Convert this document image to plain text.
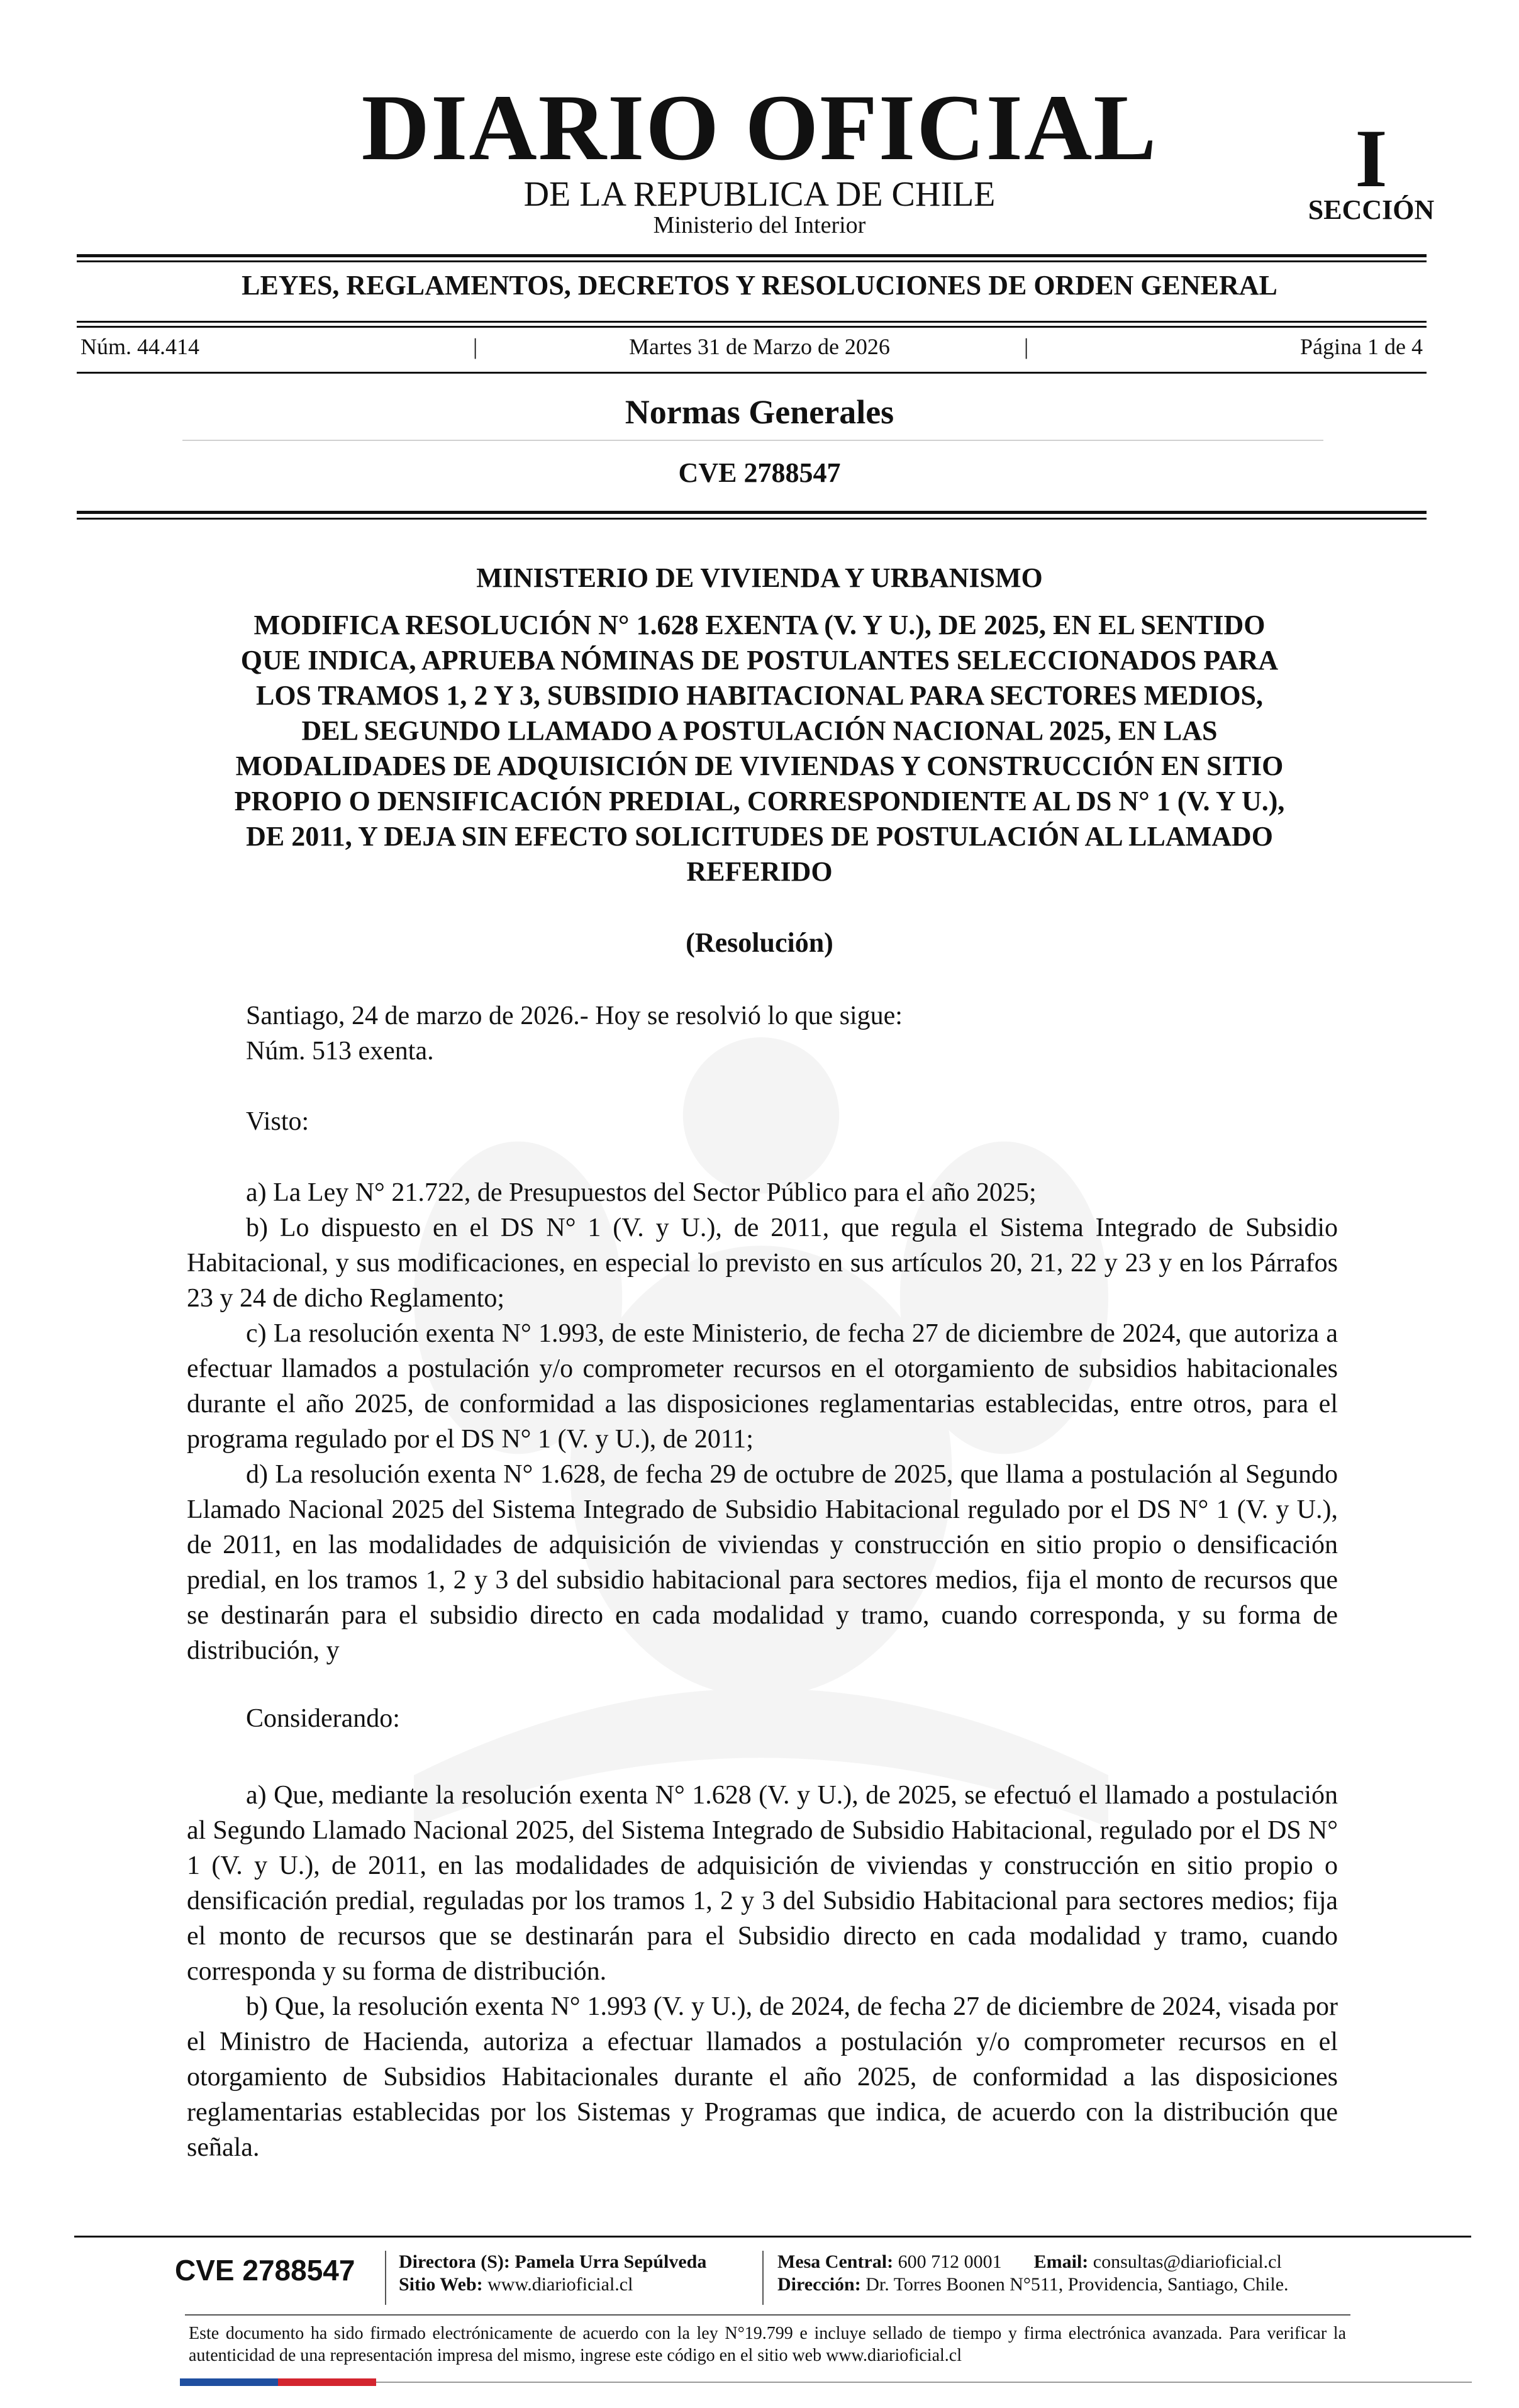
DIARIO OFICIAL
DE LA REPUBLICA DE CHILE
Ministerio del Interior
I
SECCIÓN
LEYES, REGLAMENTOS, DECRETOS Y RESOLUCIONES DE ORDEN GENERAL
Núm. 44.414	|	Martes 31 de Marzo de 2026	|	Página 1 de 4
Normas Generales
CVE 2788547
MINISTERIO DE VIVIENDA Y URBANISMO
MODIFICA RESOLUCIÓN N° 1.628 EXENTA (V. Y U.), DE 2025, EN EL SENTIDO
QUE INDICA, APRUEBA NÓMINAS DE POSTULANTES SELECCIONADOS PARA
LOS TRAMOS 1, 2 Y 3, SUBSIDIO HABITACIONAL PARA SECTORES MEDIOS,
DEL SEGUNDO LLAMADO A POSTULACIÓN NACIONAL 2025, EN LAS
MODALIDADES DE ADQUISICIÓN DE VIVIENDAS Y CONSTRUCCIÓN EN SITIO
PROPIO O DENSIFICACIÓN PREDIAL, CORRESPONDIENTE AL DS N° 1 (V. Y U.),
DE 2011, Y DEJA SIN EFECTO SOLICITUDES DE POSTULACIÓN AL LLAMADO
REFERIDO
(Resolución)

Santiago, 24 de marzo de 2026.- Hoy se resolvió lo que sigue:

Núm. 513 exenta.

Visto:

a) La Ley N° 21.722, de Presupuestos del Sector Público para el año 2025;

b) Lo dispuesto en el DS N° 1 (V. y U.), de 2011, que regula el Sistema Integrado de Subsidio Habitacional, y sus modificaciones, en especial lo previsto en sus artículos 20, 21, 22 y 23 y en los Párrafos 23 y 24 de dicho Reglamento;

c) La resolución exenta N° 1.993, de este Ministerio, de fecha 27 de diciembre de 2024, que autoriza a efectuar llamados a postulación y/o comprometer recursos en el otorgamiento de subsidios habitacionales durante el año 2025, de conformidad a las disposiciones reglamentarias establecidas, entre otros, para el programa regulado por el DS N° 1 (V. y U.), de 2011;

d) La resolución exenta N° 1.628, de fecha 29 de octubre de 2025, que llama a postulación al Segundo Llamado Nacional 2025 del Sistema Integrado de Subsidio Habitacional regulado por el DS N° 1 (V. y U.), de 2011, en las modalidades de adquisición de viviendas y construcción en sitio propio o densificación predial, en los tramos 1, 2 y 3 del subsidio habitacional para sectores medios, fija el monto de recursos que se destinarán para el subsidio directo en cada modalidad y tramo, cuando corresponda, y su forma de distribución, y

Considerando:

a) Que, mediante la resolución exenta N° 1.628 (V. y U.), de 2025, se efectuó el llamado a postulación al Segundo Llamado Nacional 2025, del Sistema Integrado de Subsidio Habitacional, regulado por el DS N° 1 (V. y U.), de 2011, en las modalidades de adquisición de viviendas y construcción en sitio propio o densificación predial, reguladas por los tramos 1, 2 y 3 del Subsidio Habitacional para sectores medios; fija el monto de recursos que se destinarán para el Subsidio directo en cada modalidad y tramo, cuando corresponda y su forma de distribución.

b) Que, la resolución exenta N° 1.993 (V. y U.), de 2024, de fecha 27 de diciembre de 2024, visada por el Ministro de Hacienda, autoriza a efectuar llamados a postulación y/o comprometer recursos en el otorgamiento de Subsidios Habitacionales durante el año 2025, de conformidad a las disposiciones reglamentarias establecidas por los Sistemas y Programas que indica, de acuerdo con la distribución que señala.

CVE 2788547 Directora (S): Pamela Urra Sepúlveda
Sitio Web: www.diarioficial.cl
Mesa Central: 600 712 0001 Email: consultas@diarioficial.cl
Dirección: Dr. Torres Boonen N°511, Providencia, Santiago, Chile.
Este documento ha sido firmado electrónicamente de acuerdo con la ley N°19.799 e incluye sellado de tiempo y firma electrónica avanzada. Para verificar la autenticidad de una representación impresa del mismo, ingrese este código en el sitio web www.diarioficial.cl
